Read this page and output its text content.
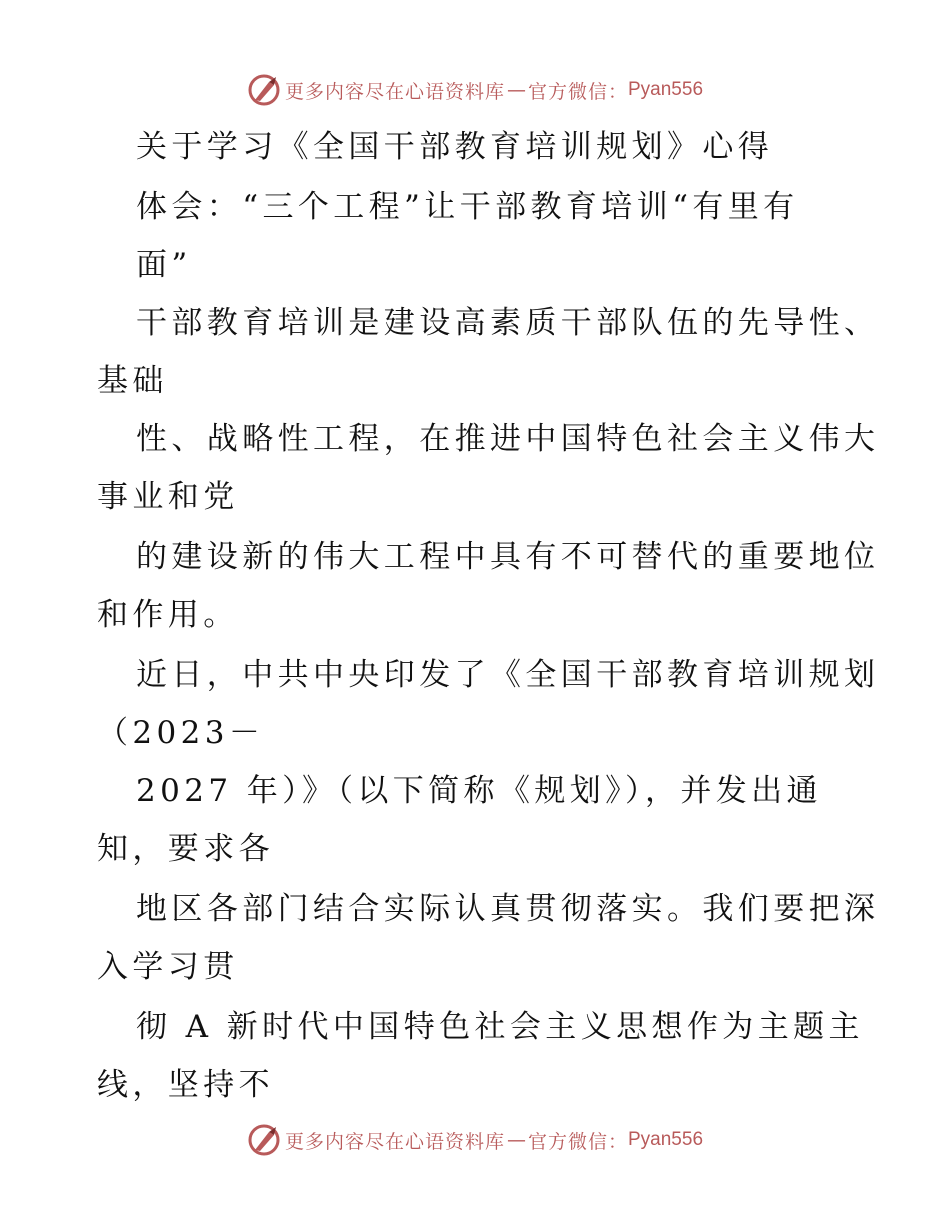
更多内容尽在心语资料库 — 官方微信： Pyan556
关于学习《全国干部教育培训规划》心得
体会：“三个工程”让干部教育培训“有里有
面”
干部教育培训是建设高素质干部队伍的先导性、
基础
性、战略性工程，在推进中国特色社会主义伟大
事业和党
的建设新的伟大工程中具有不可替代的重要地位
和作用。
近日，中共中央印发了《全国干部教育培训规划
（2023－
2027 年）》（以下简称《规划》），并发出通
知，要求各
地区各部门结合实际认真贯彻落实。我们要把深
入学习贯
彻 A 新时代中国特色社会主义思想作为主题主
线，坚持不
更多内容尽在心语资料库 — 官方微信： Pyan556
